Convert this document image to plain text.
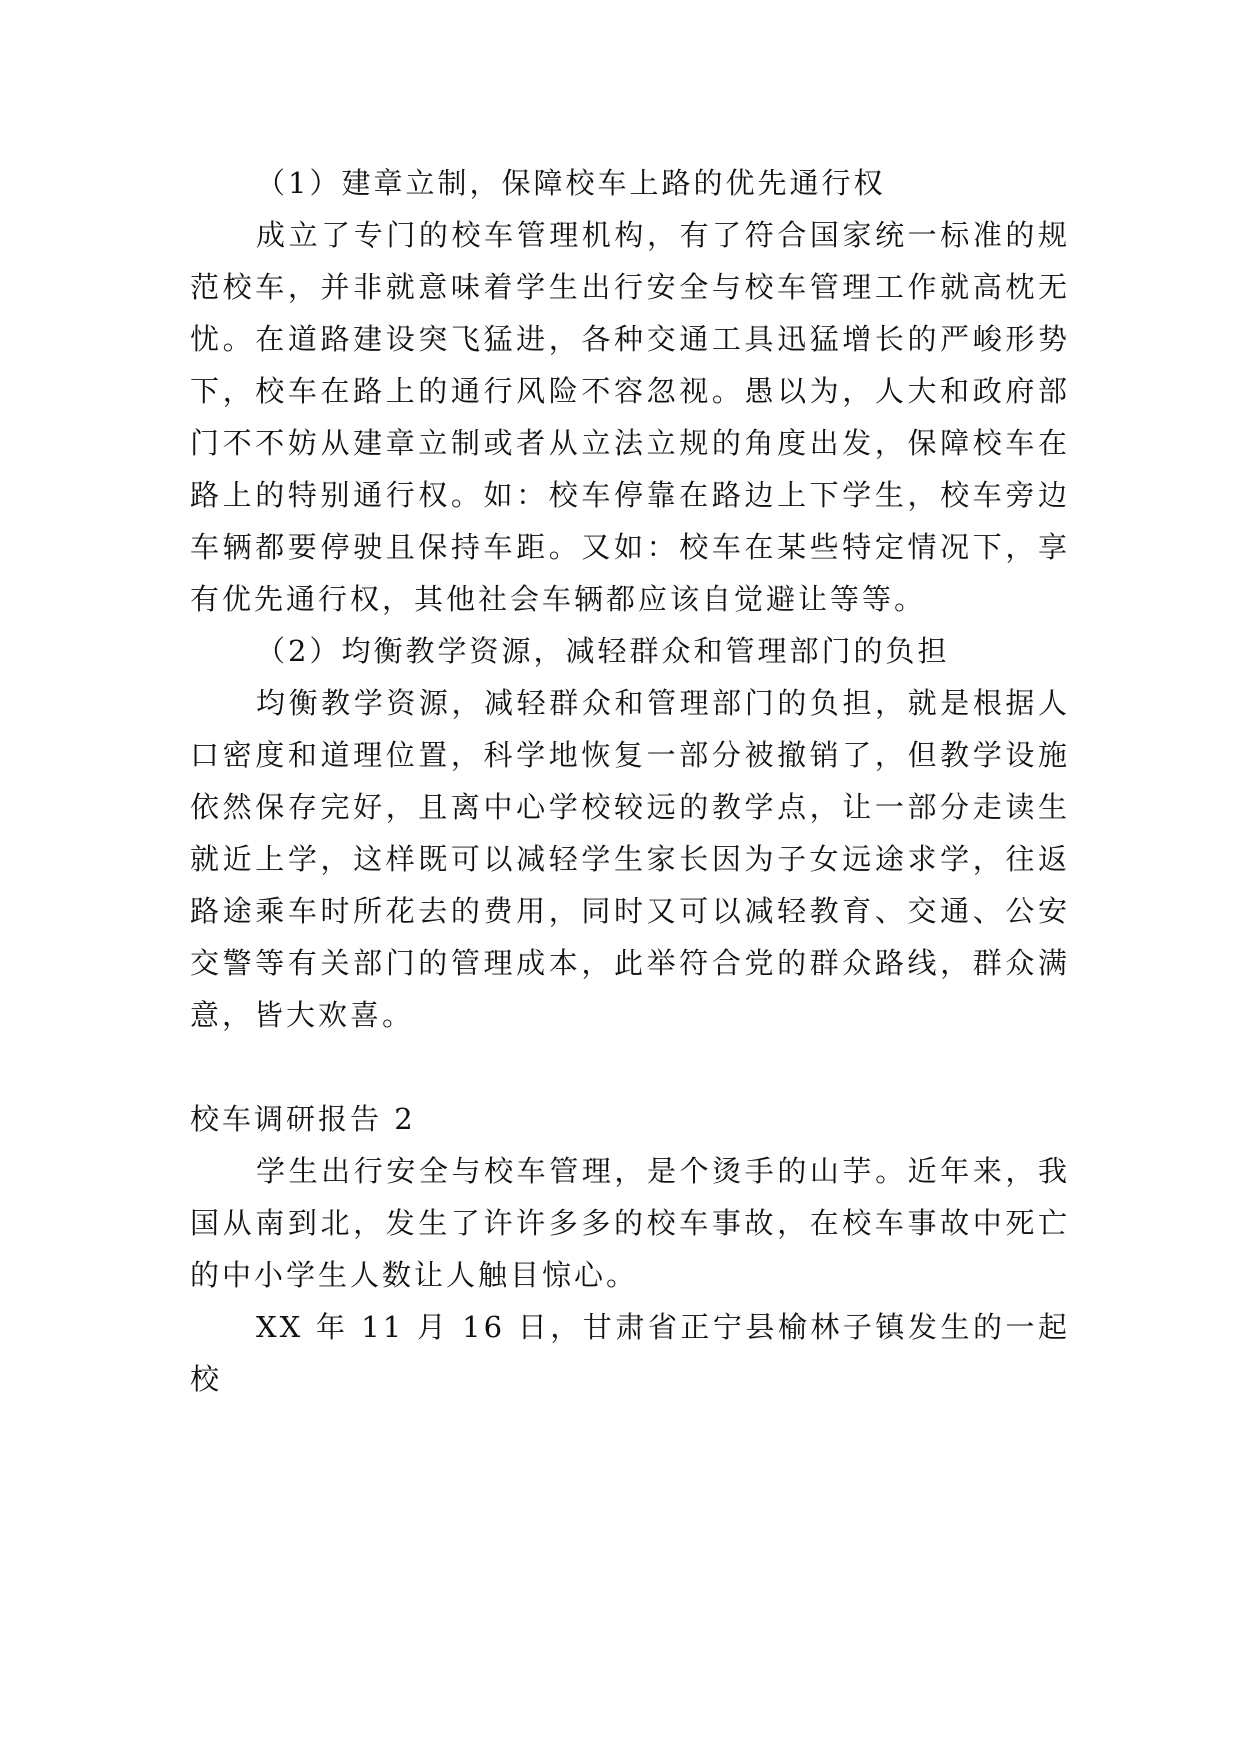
（1）建章立制，保障校车上路的优先通行权

成立了专门的校车管理机构，有了符合国家统一标准的规范校车，并非就意味着学生出行安全与校车管理工作就高枕无忧。在道路建设突飞猛进，各种交通工具迅猛增长的严峻形势下，校车在路上的通行风险不容忽视。愚以为，人大和政府部门不不妨从建章立制或者从立法立规的角度出发，保障校车在路上的特别通行权。如：校车停靠在路边上下学生，校车旁边车辆都要停驶且保持车距。又如：校车在某些特定情况下，享有优先通行权，其他社会车辆都应该自觉避让等等。

（2）均衡教学资源，减轻群众和管理部门的负担

均衡教学资源，减轻群众和管理部门的负担，就是根据人口密度和道理位置，科学地恢复一部分被撤销了，但教学设施依然保存完好，且离中心学校较远的教学点，让一部分走读生就近上学，这样既可以减轻学生家长因为子女远途求学，往返路途乘车时所花去的费用，同时又可以减轻教育、交通、公安交警等有关部门的管理成本，此举符合党的群众路线，群众满意，皆大欢喜。

校车调研报告 2

学生出行安全与校车管理，是个烫手的山芋。近年来，我国从南到北，发生了许许多多的校车事故，在校车事故中死亡的中小学生人数让人触目惊心。

XX 年 11 月 16 日，甘肃省正宁县榆林子镇发生的一起校
